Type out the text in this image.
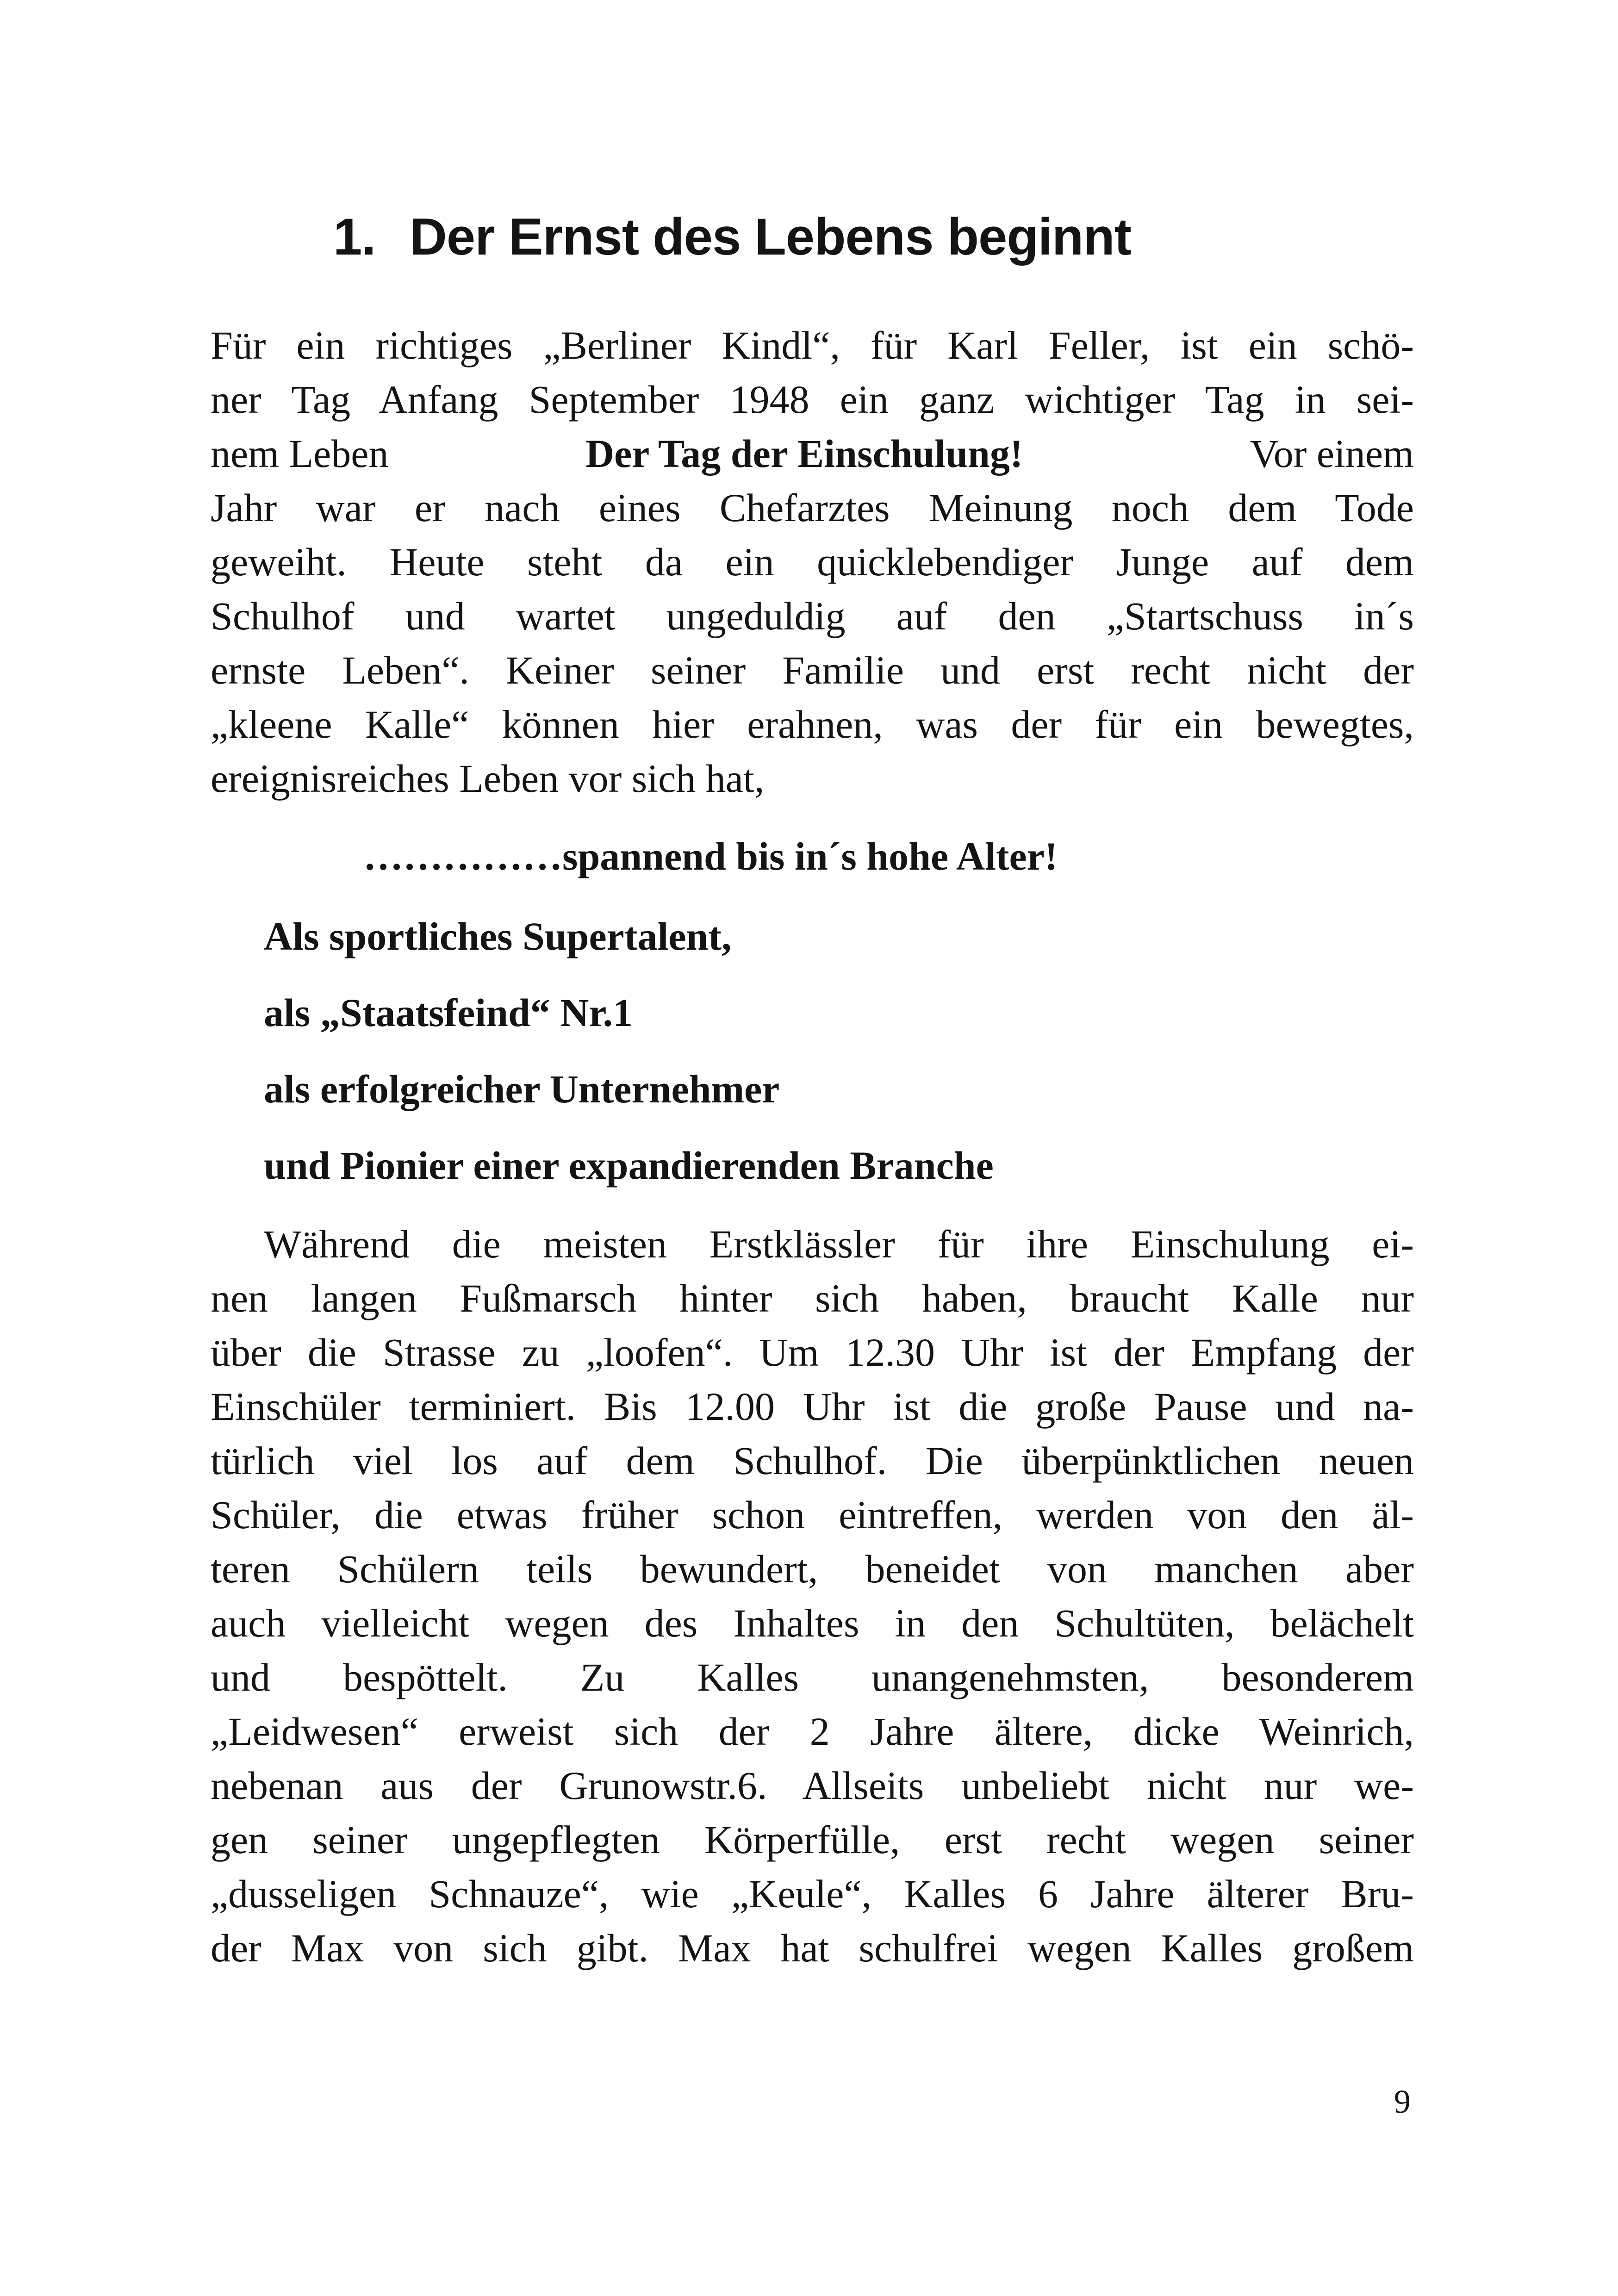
1. Der Ernst des Lebens beginnt
Für ein richtiges „Berliner Kindl“, für Karl Feller, ist ein schö-
ner Tag Anfang September 1948 ein ganz wichtiger Tag in sei-
nem Leben	Der Tag der Einschulung!	Vor einem
Jahr war er nach eines Chefarztes Meinung noch dem Tode
geweiht. Heute steht da ein quicklebendiger Junge auf dem
Schulhof und wartet ungeduldig auf den „Startschuss in´s
ernste Leben“. Keiner seiner Familie und erst recht nicht der
„kleene Kalle“ können hier erahnen, was der für ein bewegtes,
ereignisreiches Leben vor sich hat,

……………spannend bis in´s hohe Alter!

Als sportliches Supertalent,
als „Staatsfeind“ Nr.1
als erfolgreicher Unternehmer
und Pionier einer expandierenden Branche
Während die meisten Erstklässler für ihre Einschulung ei-
nen langen Fußmarsch hinter sich haben, braucht Kalle nur
über die Strasse zu „loofen“. Um 12.30 Uhr ist der Empfang der
Einschüler terminiert. Bis 12.00 Uhr ist die große Pause und na-
türlich viel los auf dem Schulhof. Die überpünktlichen neuen
Schüler, die etwas früher schon eintreffen, werden von den äl-
teren Schülern teils bewundert, beneidet von manchen aber
auch vielleicht wegen des Inhaltes in den Schultüten, belächelt
und bespöttelt. Zu Kalles unangenehmsten, besonderem
„Leidwesen“ erweist sich der 2 Jahre ältere, dicke Weinrich,
nebenan aus der Grunowstr.6. Allseits unbeliebt nicht nur we-
gen seiner ungepflegten Körperfülle, erst recht wegen seiner
„dusseligen Schnauze“, wie „Keule“, Kalles 6 Jahre älterer Bru-
der Max von sich gibt. Max hat schulfrei wegen Kalles großem
9
